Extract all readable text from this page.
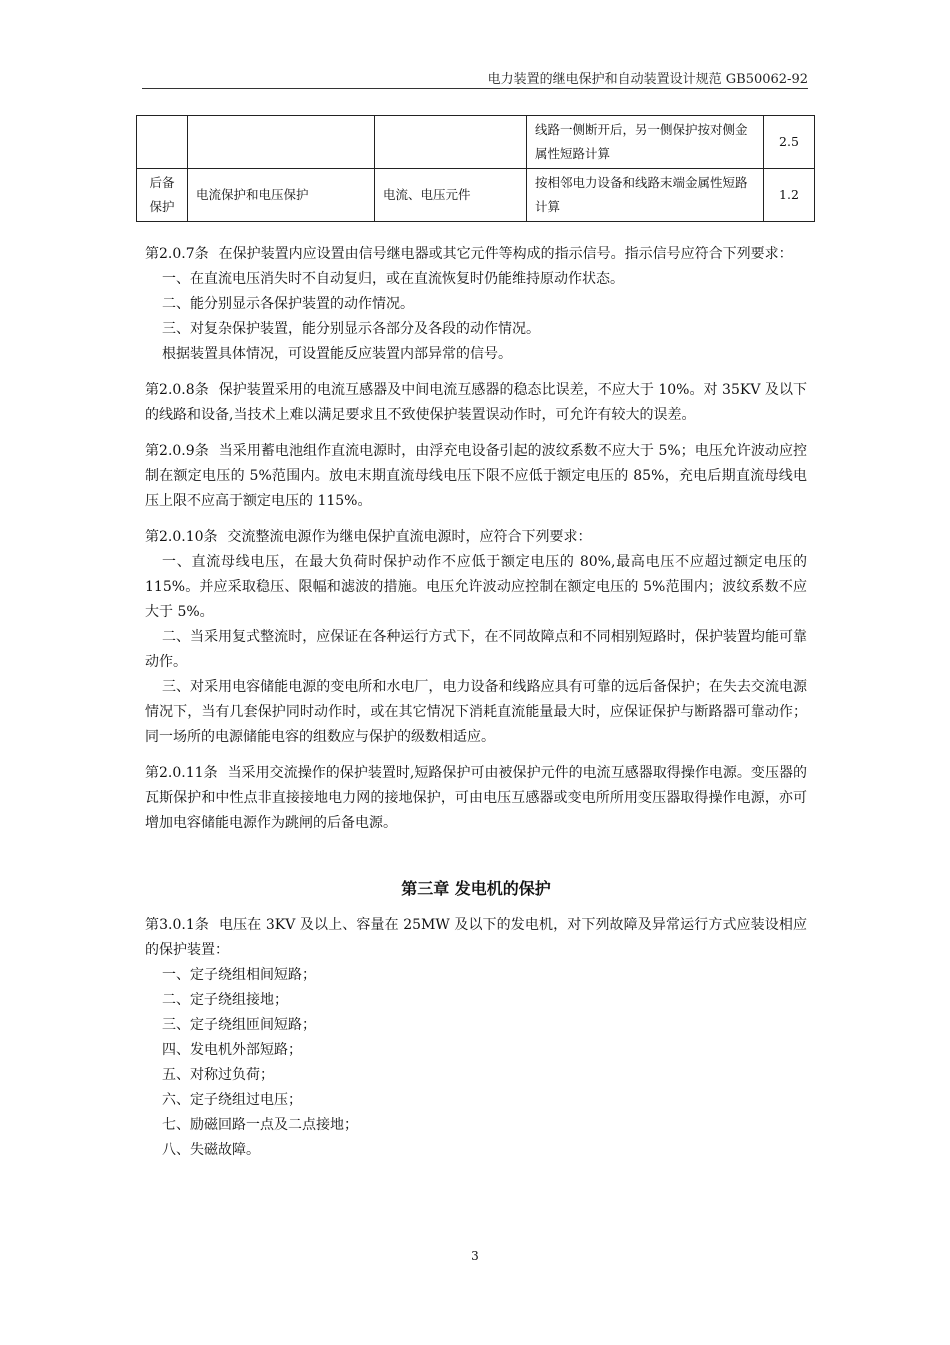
电力装置的继电保护和自动装置设计规范 GB50062-92
			线路一侧断开后，另一侧保护按对侧金属性短路计算	2.5
后备保护	电流保护和电压保护	电流、电压元件	按相邻电力设备和线路末端金属性短路计算	1.2

第2.0.7条 在保护装置内应设置由信号继电器或其它元件等构成的指示信号。指示信号应符合下列要求：

一、在直流电压消失时不自动复归，或在直流恢复时仍能维持原动作状态。

二、能分别显示各保护装置的动作情况。

三、对复杂保护装置，能分别显示各部分及各段的动作情况。

根据装置具体情况，可设置能反应装置内部异常的信号。

第2.0.8条 保护装置采用的电流互感器及中间电流互感器的稳态比误差，不应大于 10%。对 35KV 及以下的线路和设备,当技术上难以满足要求且不致使保护装置误动作时，可允许有较大的误差。

第2.0.9条 当采用蓄电池组作直流电源时，由浮充电设备引起的波纹系数不应大于 5%；电压允许波动应控制在额定电压的 5%范围内。放电末期直流母线电压下限不应低于额定电压的 85%，充电后期直流母线电压上限不应高于额定电压的 115%。

第2.0.10条 交流整流电源作为继电保护直流电源时，应符合下列要求：

一、直流母线电压，在最大负荷时保护动作不应低于额定电压的 80%,最高电压不应超过额定电压的 115%。并应采取稳压、限幅和滤波的措施。电压允许波动应控制在额定电压的 5%范围内；波纹系数不应大于 5%。

二、当采用复式整流时，应保证在各种运行方式下，在不同故障点和不同相别短路时，保护装置均能可靠动作。

三、对采用电容储能电源的变电所和水电厂，电力设备和线路应具有可靠的远后备保护；在失去交流电源情况下，当有几套保护同时动作时，或在其它情况下消耗直流能量最大时，应保证保护与断路器可靠动作；同一场所的电源储能电容的组数应与保护的级数相适应。

第2.0.11条 当采用交流操作的保护装置时,短路保护可由被保护元件的电流互感器取得操作电源。变压器的瓦斯保护和中性点非直接接地电力网的接地保护，可由电压互感器或变电所所用变压器取得操作电源，亦可增加电容储能电源作为跳闸的后备电源。

第三章 发电机的保护

第3.0.1条 电压在 3KV 及以上、容量在 25MW 及以下的发电机，对下列故障及异常运行方式应装设相应的保护装置：

一、定子绕组相间短路；

二、定子绕组接地；

三、定子绕组匝间短路；

四、发电机外部短路；

五、对称过负荷；

六、定子绕组过电压；

七、励磁回路一点及二点接地；

八、失磁故障。

3
